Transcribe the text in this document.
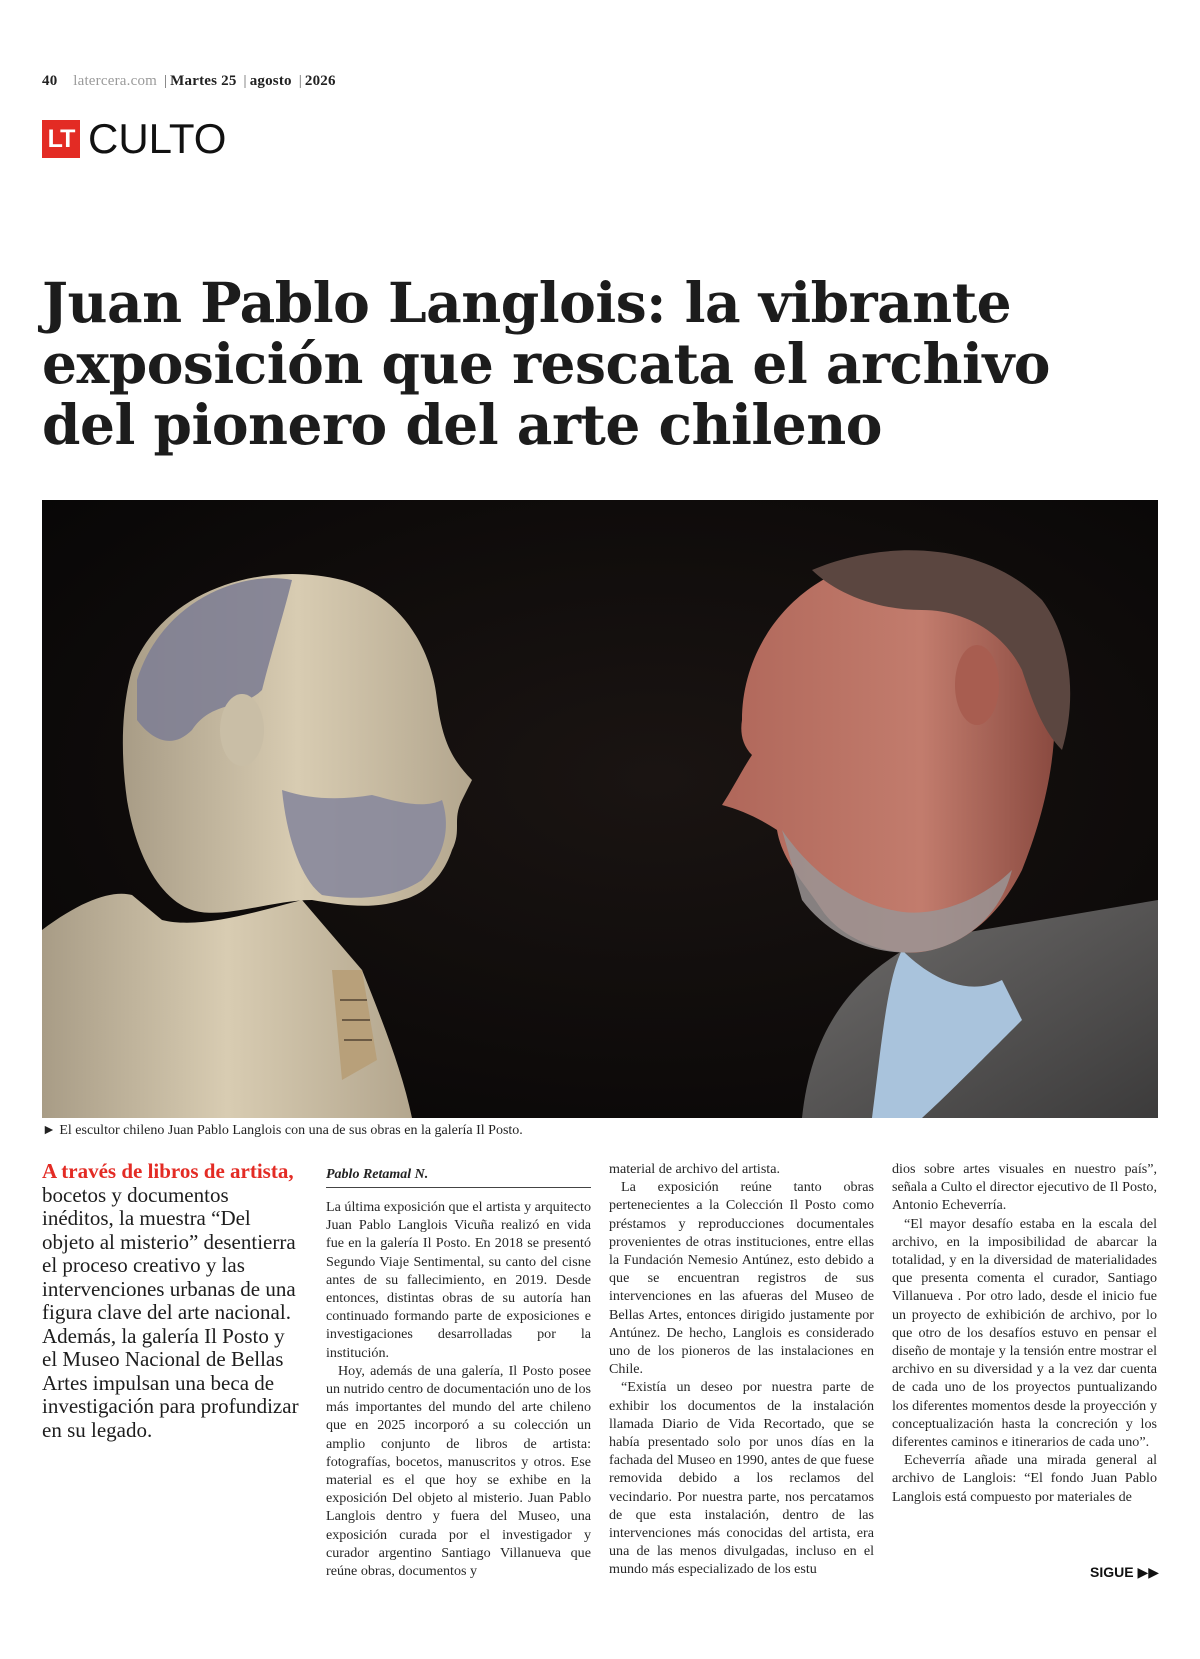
40 latercera.com | Martes 25 | agosto | 2026
LT CULTO
Juan Pablo Langlois: la vibrante exposición que rescata el archivo del pionero del arte chileno
► El escultor chileno Juan Pablo Langlois con una de sus obras en la galería Il Posto.
A través de libros de artista, bocetos y documentos inéditos, la muestra “Del objeto al misterio” desentierra el proceso creativo y las intervenciones urbanas de una figura clave del arte nacional. Además, la galería Il Posto y el Museo Nacional de Bellas Artes impulsan una beca de investigación para profundizar en su legado.
Pablo Retamal N.

La última exposición que el artista y arquitecto Juan Pablo Langlois Vicuña realizó en vida fue en la galería Il Posto. En 2018 se presentó Segundo Viaje Sentimental, su canto del cisne antes de su fallecimiento, en 2019. Desde entonces, distintas obras de su autoría han continuado formando parte de exposiciones e investigaciones desarrolladas por la institución.

Hoy, además de una galería, Il Posto posee un nutrido centro de documentación uno de los más importantes del mundo del arte chileno que en 2025 incorporó a su colección un amplio conjunto de libros de artista: fotografías, bocetos, manuscritos y otros. Ese material es el que hoy se exhibe en la exposición Del objeto al misterio. Juan Pablo Langlois dentro y fuera del Museo, una exposición curada por el investigador y curador argentino Santiago Villanueva que reúne obras, documentos y

material de archivo del artista.

La exposición reúne tanto obras pertenecientes a la Colección Il Posto como préstamos y reproducciones documentales provenientes de otras instituciones, entre ellas la Fundación Nemesio Antúnez, esto debido a que se encuentran registros de sus intervenciones en las afueras del Museo de Bellas Artes, entonces dirigido justamente por Antúnez. De hecho, Langlois es considerado uno de los pioneros de las instalaciones en Chile.

“Existía un deseo por nuestra parte de exhibir los documentos de la instalación llamada Diario de Vida Recortado, que se había presentado solo por unos días en la fachada del Museo en 1990, antes de que fuese removida debido a los reclamos del vecindario. Por nuestra parte, nos percatamos de que esta instalación, dentro de las intervenciones más conocidas del artista, era una de las menos divulgadas, incluso en el mundo más especializado de los estu

dios sobre artes visuales en nuestro país”, señala a Culto el director ejecutivo de Il Posto, Antonio Echeverría.

“El mayor desafío estaba en la escala del archivo, en la imposibilidad de abarcar la totalidad, y en la diversidad de materialidades que presenta comenta el curador, Santiago Villanueva . Por otro lado, desde el inicio fue un proyecto de exhibición de archivo, por lo que otro de los desafíos estuvo en pensar el diseño de montaje y la tensión entre mostrar el archivo en su diversidad y a la vez dar cuenta de cada uno de los proyectos puntualizando los diferentes momentos desde la proyección y conceptualización hasta la concreción y los diferentes caminos e itinerarios de cada uno”.

Echeverría añade una mirada general al archivo de Langlois: “El fondo Juan Pablo Langlois está compuesto por materiales de

SIGUE ▶▶
